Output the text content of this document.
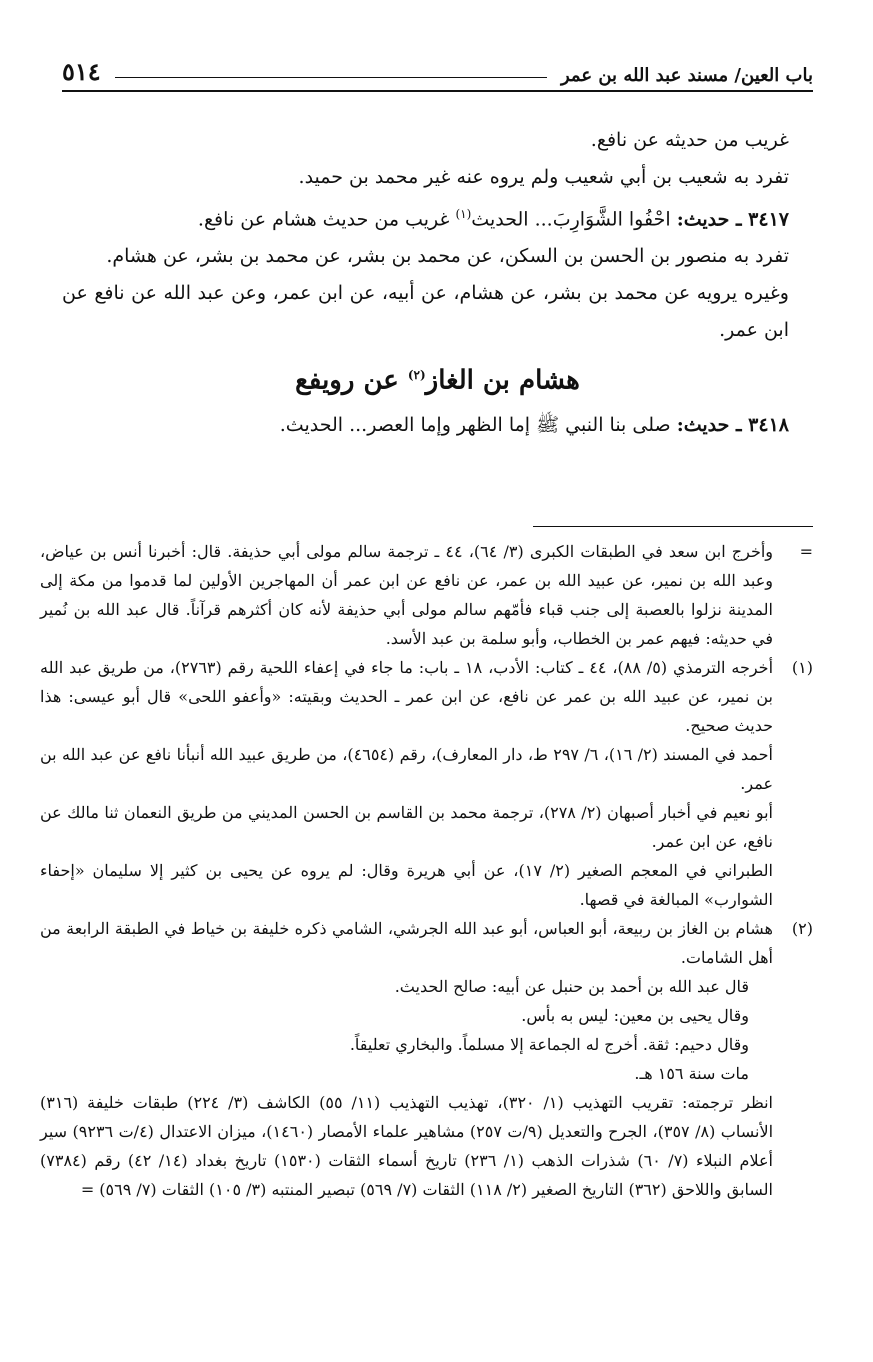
باب العين/ مسند عبد الله بن عمر
٥١٤

غريب من حديثه عن نافع.

تفرد به شعيب بن أبي شعيب ولم يروه عنه غير محمد بن حميد.

٣٤١٧ ـ حديث: احْفُوا الشَّوَارِبَ... الحديث$^{(١)}$ غريب من حديث هشام عن نافع.

تفرد به منصور بن الحسن بن السكن، عن محمد بن بشر، عن محمد بن بشر، عن هشام.

وغيره يرويه عن محمد بن بشر، عن هشام، عن أبيه، عن ابن عمر، وعن عبد الله عن نافع عن ابن عمر.

هشام بن الغاز$^{(٢)}$ عن رويفع

٣٤١٨ ـ حديث: صلى بنا النبي ﷺ إما الظهر وإما العصر... الحديث.

=

وأخرج ابن سعد في الطبقات الكبرى (٣/ ٦٤)، ٤٤ ـ ترجمة سالم مولى أبي حذيفة. قال: أخبرنا أنس بن عياض، وعبد الله بن نمير، عن عبيد الله بن عمر، عن نافع عن ابن عمر أن المهاجرين الأولين لما قدموا من مكة إلى المدينة نزلوا بالعصبة إلى جنب قباء فأمّهم سالم مولى أبي حذيفة لأنه كان أكثرهم قرآناً. قال عبد الله بن نُمير في حديثه: فيهم عمر بن الخطاب، وأبو سلمة بن عبد الأسد.

(١)

أخرجه الترمذي (٥/ ٨٨)، ٤٤ ـ كتاب: الأدب، ١٨ ـ باب: ما جاء في إعفاء اللحية رقم (٢٧٦٣)، من طريق عبد الله بن نمير، عن عبيد الله بن عمر عن نافع، عن ابن عمر ـ الحديث وبقيته: «وأعفو اللحى» قال أبو عيسى: هذا حديث صحيح.

أحمد في المسند (٢/ ١٦)، ٦/ ٢٩٧ ط، دار المعارف)، رقم (٤٦٥٤)، من طريق عبيد الله أنبأنا نافع عن عبد الله بن عمر.

أبو نعيم في أخبار أصبهان (٢/ ٢٧٨)، ترجمة محمد بن القاسم بن الحسن المديني من طريق النعمان ثنا مالك عن نافع، عن ابن عمر.

الطبراني في المعجم الصغير (٢/ ١٧)، عن أبي هريرة وقال: لم يروه عن يحيى بن كثير إلا سليمان «إحفاء الشوارب» المبالغة في قصها.

(٢)

هشام بن الغاز بن ربيعة، أبو العباس، أبو عبد الله الجرشي، الشامي ذكره خليفة بن خياط في الطبقة الرابعة من أهل الشامات.

قال عبد الله بن أحمد بن حنبل عن أبيه: صالح الحديث.

وقال يحيى بن معين: ليس به بأس.

وقال دحيم: ثقة. أخرج له الجماعة إلا مسلماً. والبخاري تعليقاً.

مات سنة ١٥٦ هـ.

انظر ترجمته: تقريب التهذيب (١/ ٣٢٠)، تهذيب التهذيب (١١/ ٥٥) الكاشف (٣/ ٢٢٤) طبقات خليفة (٣١٦) الأنساب (٨/ ٣٥٧)، الجرح والتعديل (٩/ت ٢٥٧) مشاهير علماء الأمصار (١٤٦٠)، ميزان الاعتدال (٤/ت ٩٢٣٦) سير أعلام النبلاء (٧/ ٦٠) شذرات الذهب (١/ ٢٣٦) تاريخ أسماء الثقات (١٥٣٠) تاريخ بغداد (١٤/ ٤٢) رقم (٧٣٨٤) السابق واللاحق (٣٦٢) التاريخ الصغير (٢/ ١١٨) الثقات (٧/ ٥٦٩) تبصير المنتبه (٣/ ١٠٥) الثقات (٧/ ٥٦٩) =
